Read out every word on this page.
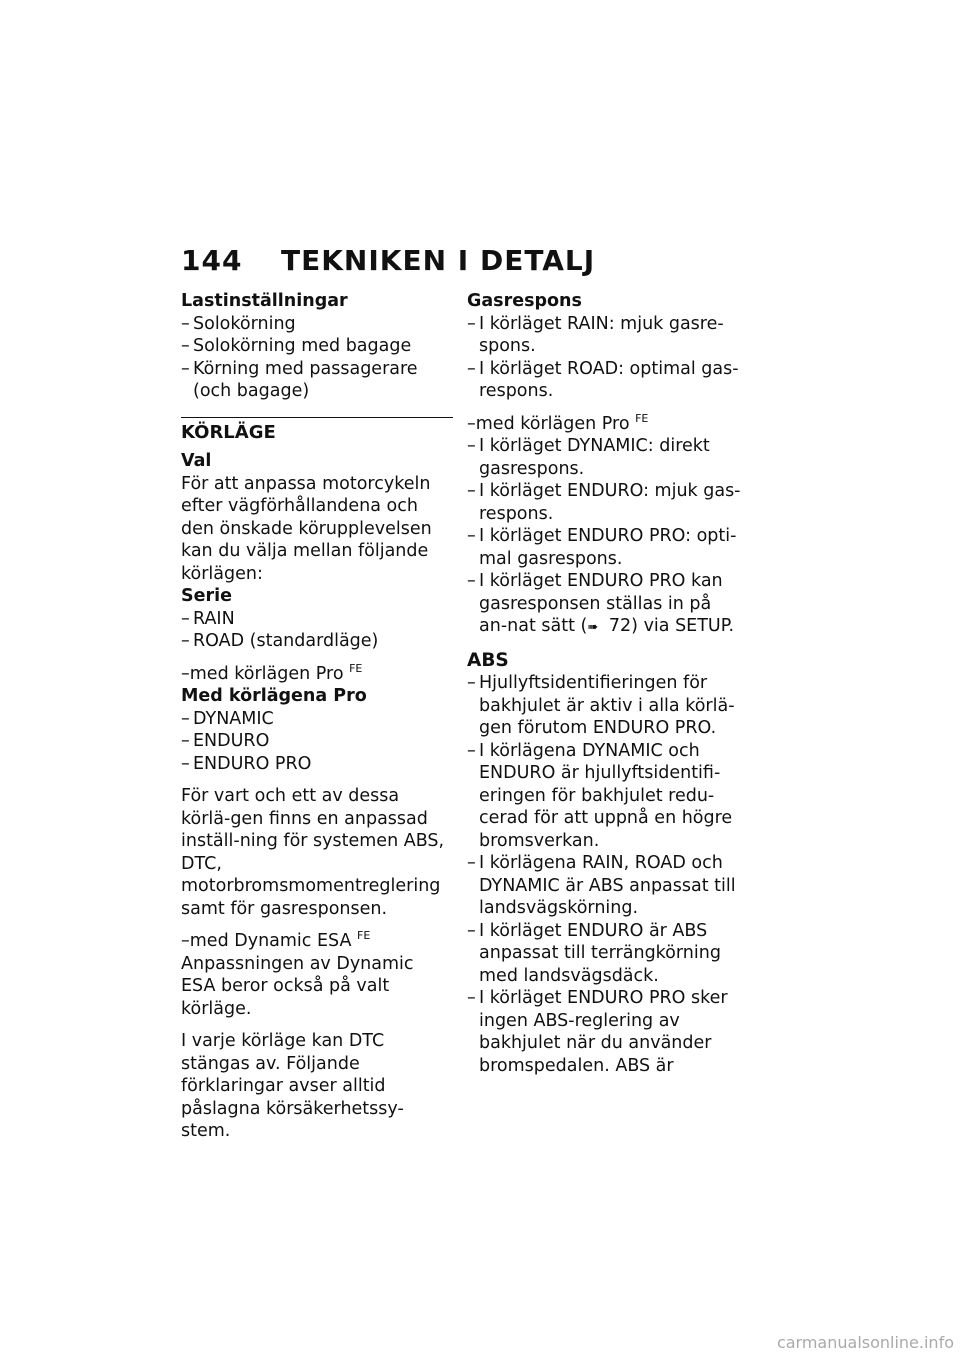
144 TEKNIKEN I DETALJ

Lastinställningar

– Solokörning
– Solokörning med bagage
– Körning med passagerare (och bagage)

KÖRLÄGE

Val

För att anpassa motorcykeln efter vägförhållandena och den önskade körupplevelsen kan du välja mellan följande körlägen:

Serie

– RAIN
– ROAD (standardläge)

–med körlägen Pro $^{FE}$

Med körlägena Pro

– DYNAMIC
– ENDURO
– ENDURO PRO

För vart och ett av dessa körlä-gen finns en anpassad inställ-ning för systemen ABS, DTC, motorbromsmomentreglering samt för gasresponsen.

–med Dynamic ESA $^{FE}$

Anpassningen av Dynamic ESA beror också på valt körläge.

I varje körläge kan DTC stängas av. Följande förklaringar avser alltid påslagna körsäkerhetssy-stem.

Gasrespons

– I körläget RAIN: mjuk gasre-spons.
– I körläget ROAD: optimal gas-respons.

–med körlägen Pro $^{FE}$

– I körläget DYNAMIC: direkt gasrespons.
– I körläget ENDURO: mjuk gas-respons.
– I körläget ENDURO PRO: opti-mal gasrespons.
– I körläget ENDURO PRO kan gasresponsen ställas in på an-nat sätt (➠ 72) via SETUP.

ABS

– Hjullyftsidentifieringen för bakhjulet är aktiv i alla körlä-gen förutom ENDURO PRO.
– I körlägena DYNAMIC och ENDURO är hjullyftsidentifi-eringen för bakhjulet redu-cerad för att uppnå en högre bromsverkan.
– I körlägena RAIN, ROAD och DYNAMIC är ABS anpassat till landsvägskörning.
– I körläget ENDURO är ABS anpassat till terrängkörning med landsvägsdäck.
– I körläget ENDURO PRO sker ingen ABS-reglering av bakhjulet när du använder bromspedalen. ABS är
carmanualsonline.info
